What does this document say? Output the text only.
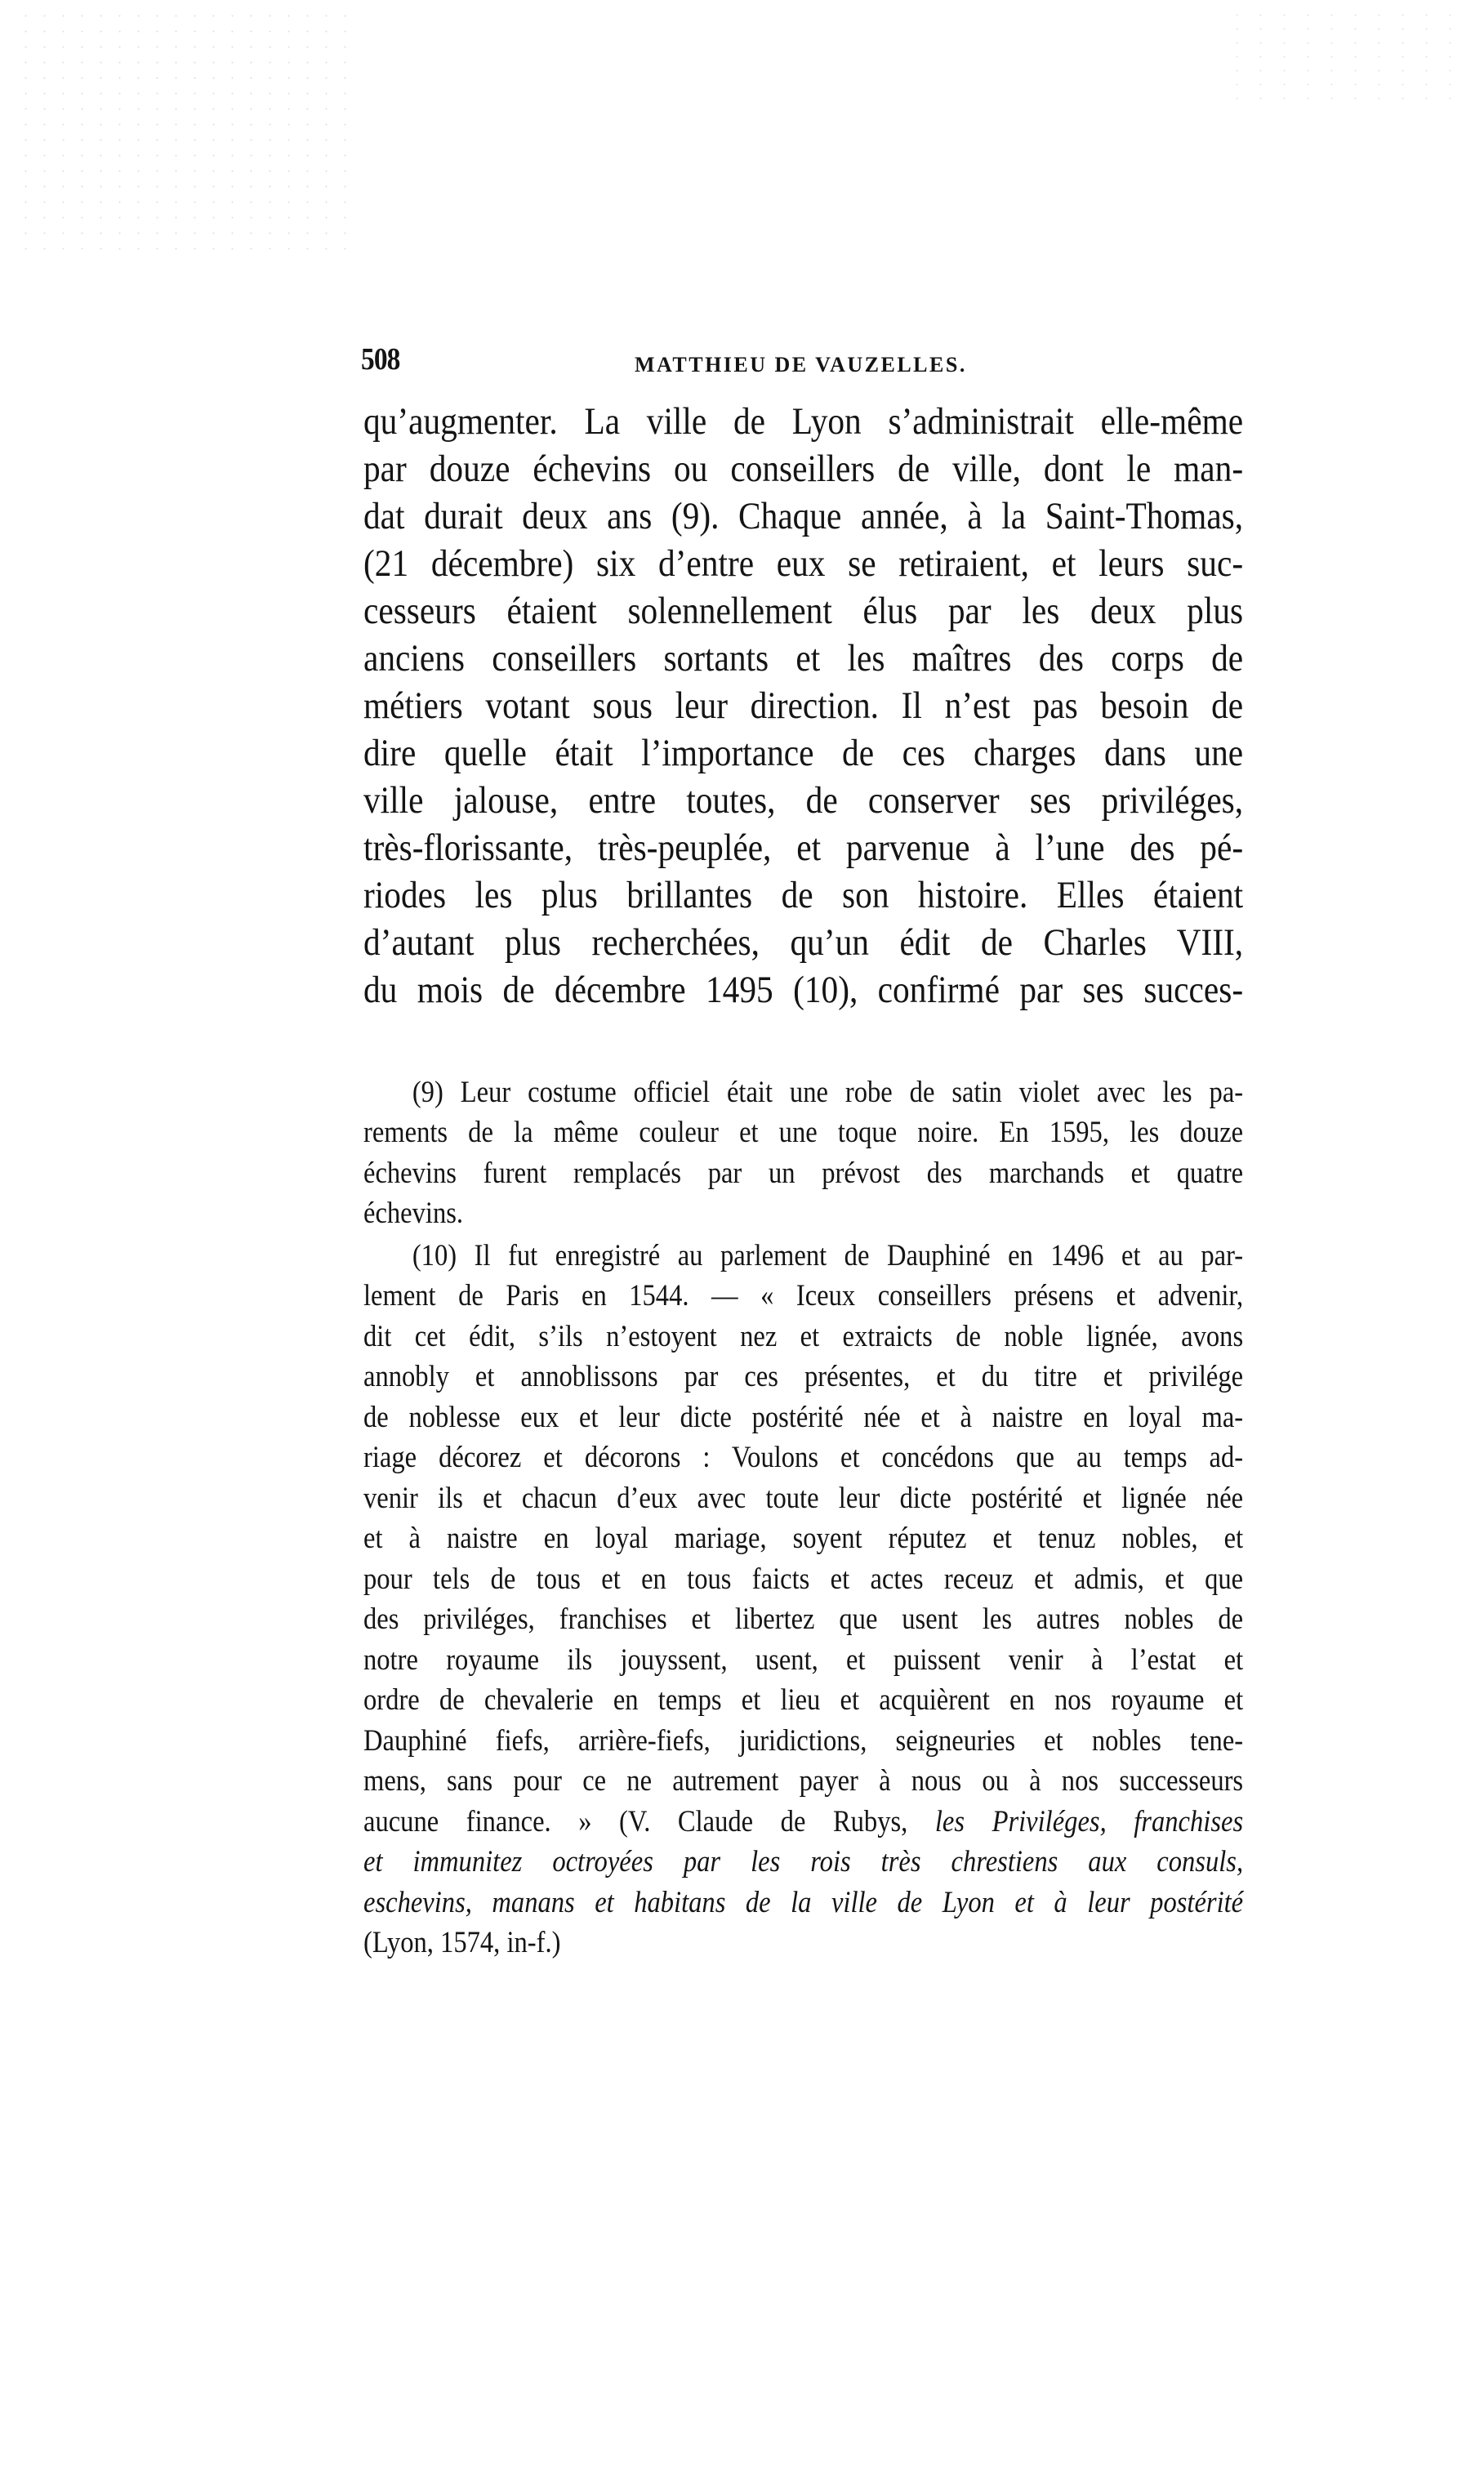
508	MATTHIEU DE VAUZELLES.
qu’augmenter. La ville de Lyon s’administrait elle-même
par douze échevins ou conseillers de ville, dont le man-
dat durait deux ans (9). Chaque année, à la Saint-Thomas,
(21 décembre) six d’entre eux se retiraient, et leurs suc-
cesseurs étaient solennellement élus par les deux plus
anciens conseillers sortants et les maîtres des corps de
métiers votant sous leur direction. Il n’est pas besoin de
dire quelle était l’importance de ces charges dans une
ville jalouse, entre toutes, de conserver ses priviléges,
très-florissante, très-peuplée, et parvenue à l’une des pé-
riodes les plus brillantes de son histoire. Elles étaient
d’autant plus recherchées, qu’un édit de Charles VIII,
du mois de décembre 1495 (10), confirmé par ses succes-
(9) Leur costume officiel était une robe de satin violet avec les pa-
rements de la même couleur et une toque noire. En 1595, les douze
échevins furent remplacés par un prévost des marchands et quatre
échevins.
(10) Il fut enregistré au parlement de Dauphiné en 1496 et au par-
lement de Paris en 1544. — « Iceux conseillers présens et advenir,
dit cet édit, s’ils n’estoyent nez et extraicts de noble lignée, avons
annobly et annoblissons par ces présentes, et du titre et privilége
de noblesse eux et leur dicte postérité née et à naistre en loyal ma-
riage décorez et décorons : Voulons et concédons que au temps ad-
venir ils et chacun d’eux avec toute leur dicte postérité et lignée née
et à naistre en loyal mariage, soyent réputez et tenuz nobles, et
pour tels de tous et en tous faicts et actes receuz et admis, et que
des priviléges, franchises et libertez que usent les autres nobles de
notre royaume ils jouyssent, usent, et puissent venir à l’estat et
ordre de chevalerie en temps et lieu et acquièrent en nos royaume et
Dauphiné fiefs, arrière-fiefs, juridictions, seigneuries et nobles tene-
mens, sans pour ce ne autrement payer à nous ou à nos successeurs
aucune finance. » (V. Claude de Rubys, les Priviléges, franchises
et immunitez octroyées par les rois très chrestiens aux consuls,
eschevins, manans et habitans de la ville de Lyon et à leur postérité
(Lyon, 1574, in-f.)
